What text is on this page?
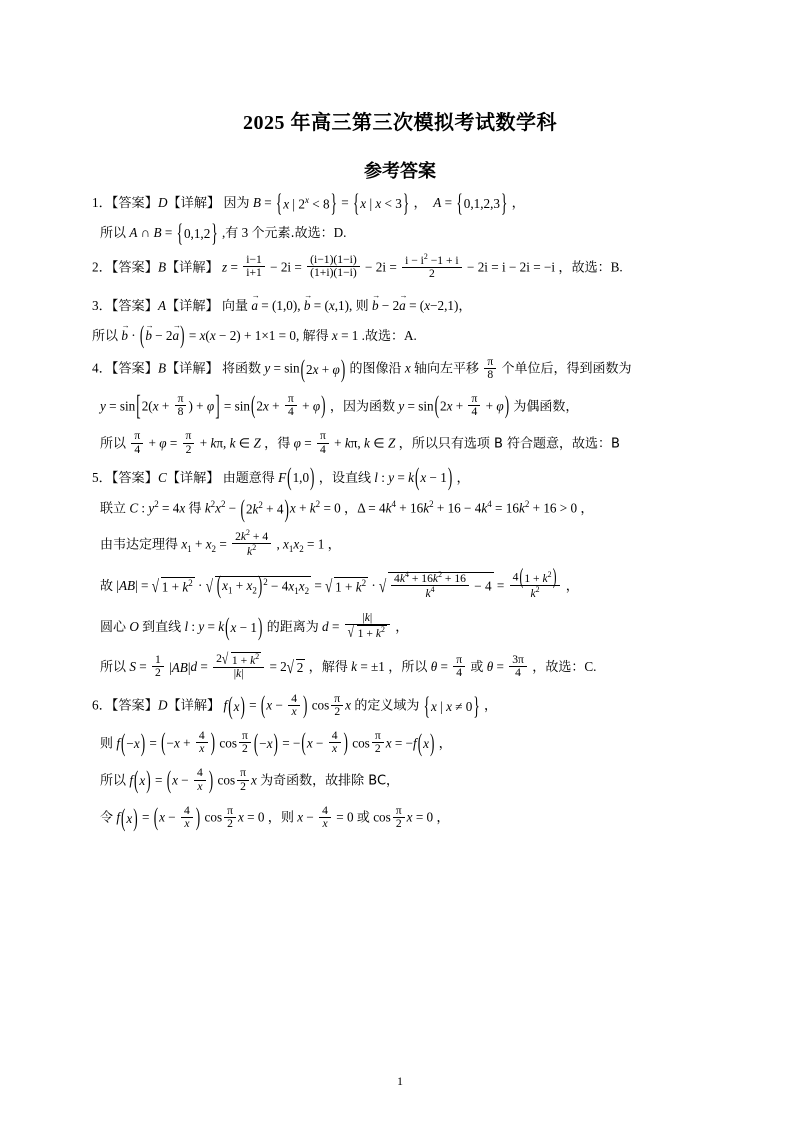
2025 年高三第三次模拟考试数学科
参考答案
1．【答案】D【详解】 因为 B = {x | $2^x < 8\} = \{x$ | x < 3} ，  A = {0,1,2,3} ，
所以 A ∩ B = {0,1,2} ,有 3 个元素.故选：D.
2．【答案】B【详解】 $z = \frac{i-1}{i+1} - 2i = \frac{(i-1)(1-i)}{(1+i)(1-i)} - 2i = \frac{i - i^2 -1 + i}{2} - 2i = i - 2i = -i$ ，故选：B.
3．【答案】A【详解】 向量 a → = (1,0), b → = (x,1), 则 b → − 2a → = (x−2,1)，
所以 b → · (b → − 2a →) = x(x − 2) + 1×1 = 0, 解得 x = 1 .故选：A.
4．【答案】B【详解】 将函数 y = sin(2x + φ) 的图像沿 x 轴向左平移 $\frac{\pi}{8}$ 个单位后，得到函数为
$y = \sin[2(x + \frac{\pi}{8}$ ) + $\varphi] = \sin(2x + \frac{\pi}{4} + \varphi)$ ，因为函数 $y = \sin(2x + \frac{\pi}{4} + \varphi)$ 为偶函数，
所以 $\frac{\pi}{4} + \varphi = \frac{\pi}{2} + k\pi$, k ∈ Z ，得 $\varphi = \frac{\pi}{4} + k\pi$, k ∈ Z ，所以只有选项 B 符合题意，故选：B
5．【答案】C【详解】 由题意得 F(1,0) ，设直线 l : y = k(x − 1) ，
联立 C : $y^2 = 4x$ 得 $k^2x^2 - (2k^2 + 4)x + k^2 = 0$ ，$\Delta = 4k^4 + 16k^2 + 16 - 4k^4 = 16k^2 + 16 > 0$ ，
由韦达定理得 $x_1 + x_2 = \frac{2k^2 + 4}{k^2}$ , $x_1x_2 = 1$ ，
故 |AB| = √ $1 + k^2$ · √ $(x_1 + x_2)^2 - 4x_1x_2$ = √ $1 + k^2$ · √ $\frac{4k^4 + 16k^2 + 16}{k^4} - 4 = \frac{4(1 + k^2)}{k^2}$ ，
圆心 O 到直线 l : y = k(x − 1) 的距离为 d = |k|
√ $1 + k^2$ ，
所以 $S = \frac{1}{2} |AB|d = \frac{2 √ 1 + k^2}{|k|} = 2$ √ 2 ，解得 k = ±1 ，所以 $\theta = \frac{\pi}{4}$ 或 $\theta = \frac{3\pi}{4}$ ，故选：C.
6．【答案】D【详解】 $f(x) = (x - \frac{4}{x}$ ) $\cos \frac{\pi}{2}$ x 的定义域为 {x | x ≠ 0} ，
则 $f(-x) = (-x + \frac{4}{x}$ ) $\cos \frac{\pi}{2} (-x) = -(x - \frac{4}{x}$ ) $\cos \frac{\pi}{2}$ x = −f(x) ，
所以 $f(x) = (x - \frac{4}{x}$ ) $\cos \frac{\pi}{2}$ x 为奇函数，故排除 BC，
令 $f(x) = (x - \frac{4}{x}$ ) $\cos \frac{\pi}{2}$ x = 0 ，则 $x - \frac{4}{x} = 0$ 或 $\cos \frac{\pi}{2}$ x = 0 ，
1
